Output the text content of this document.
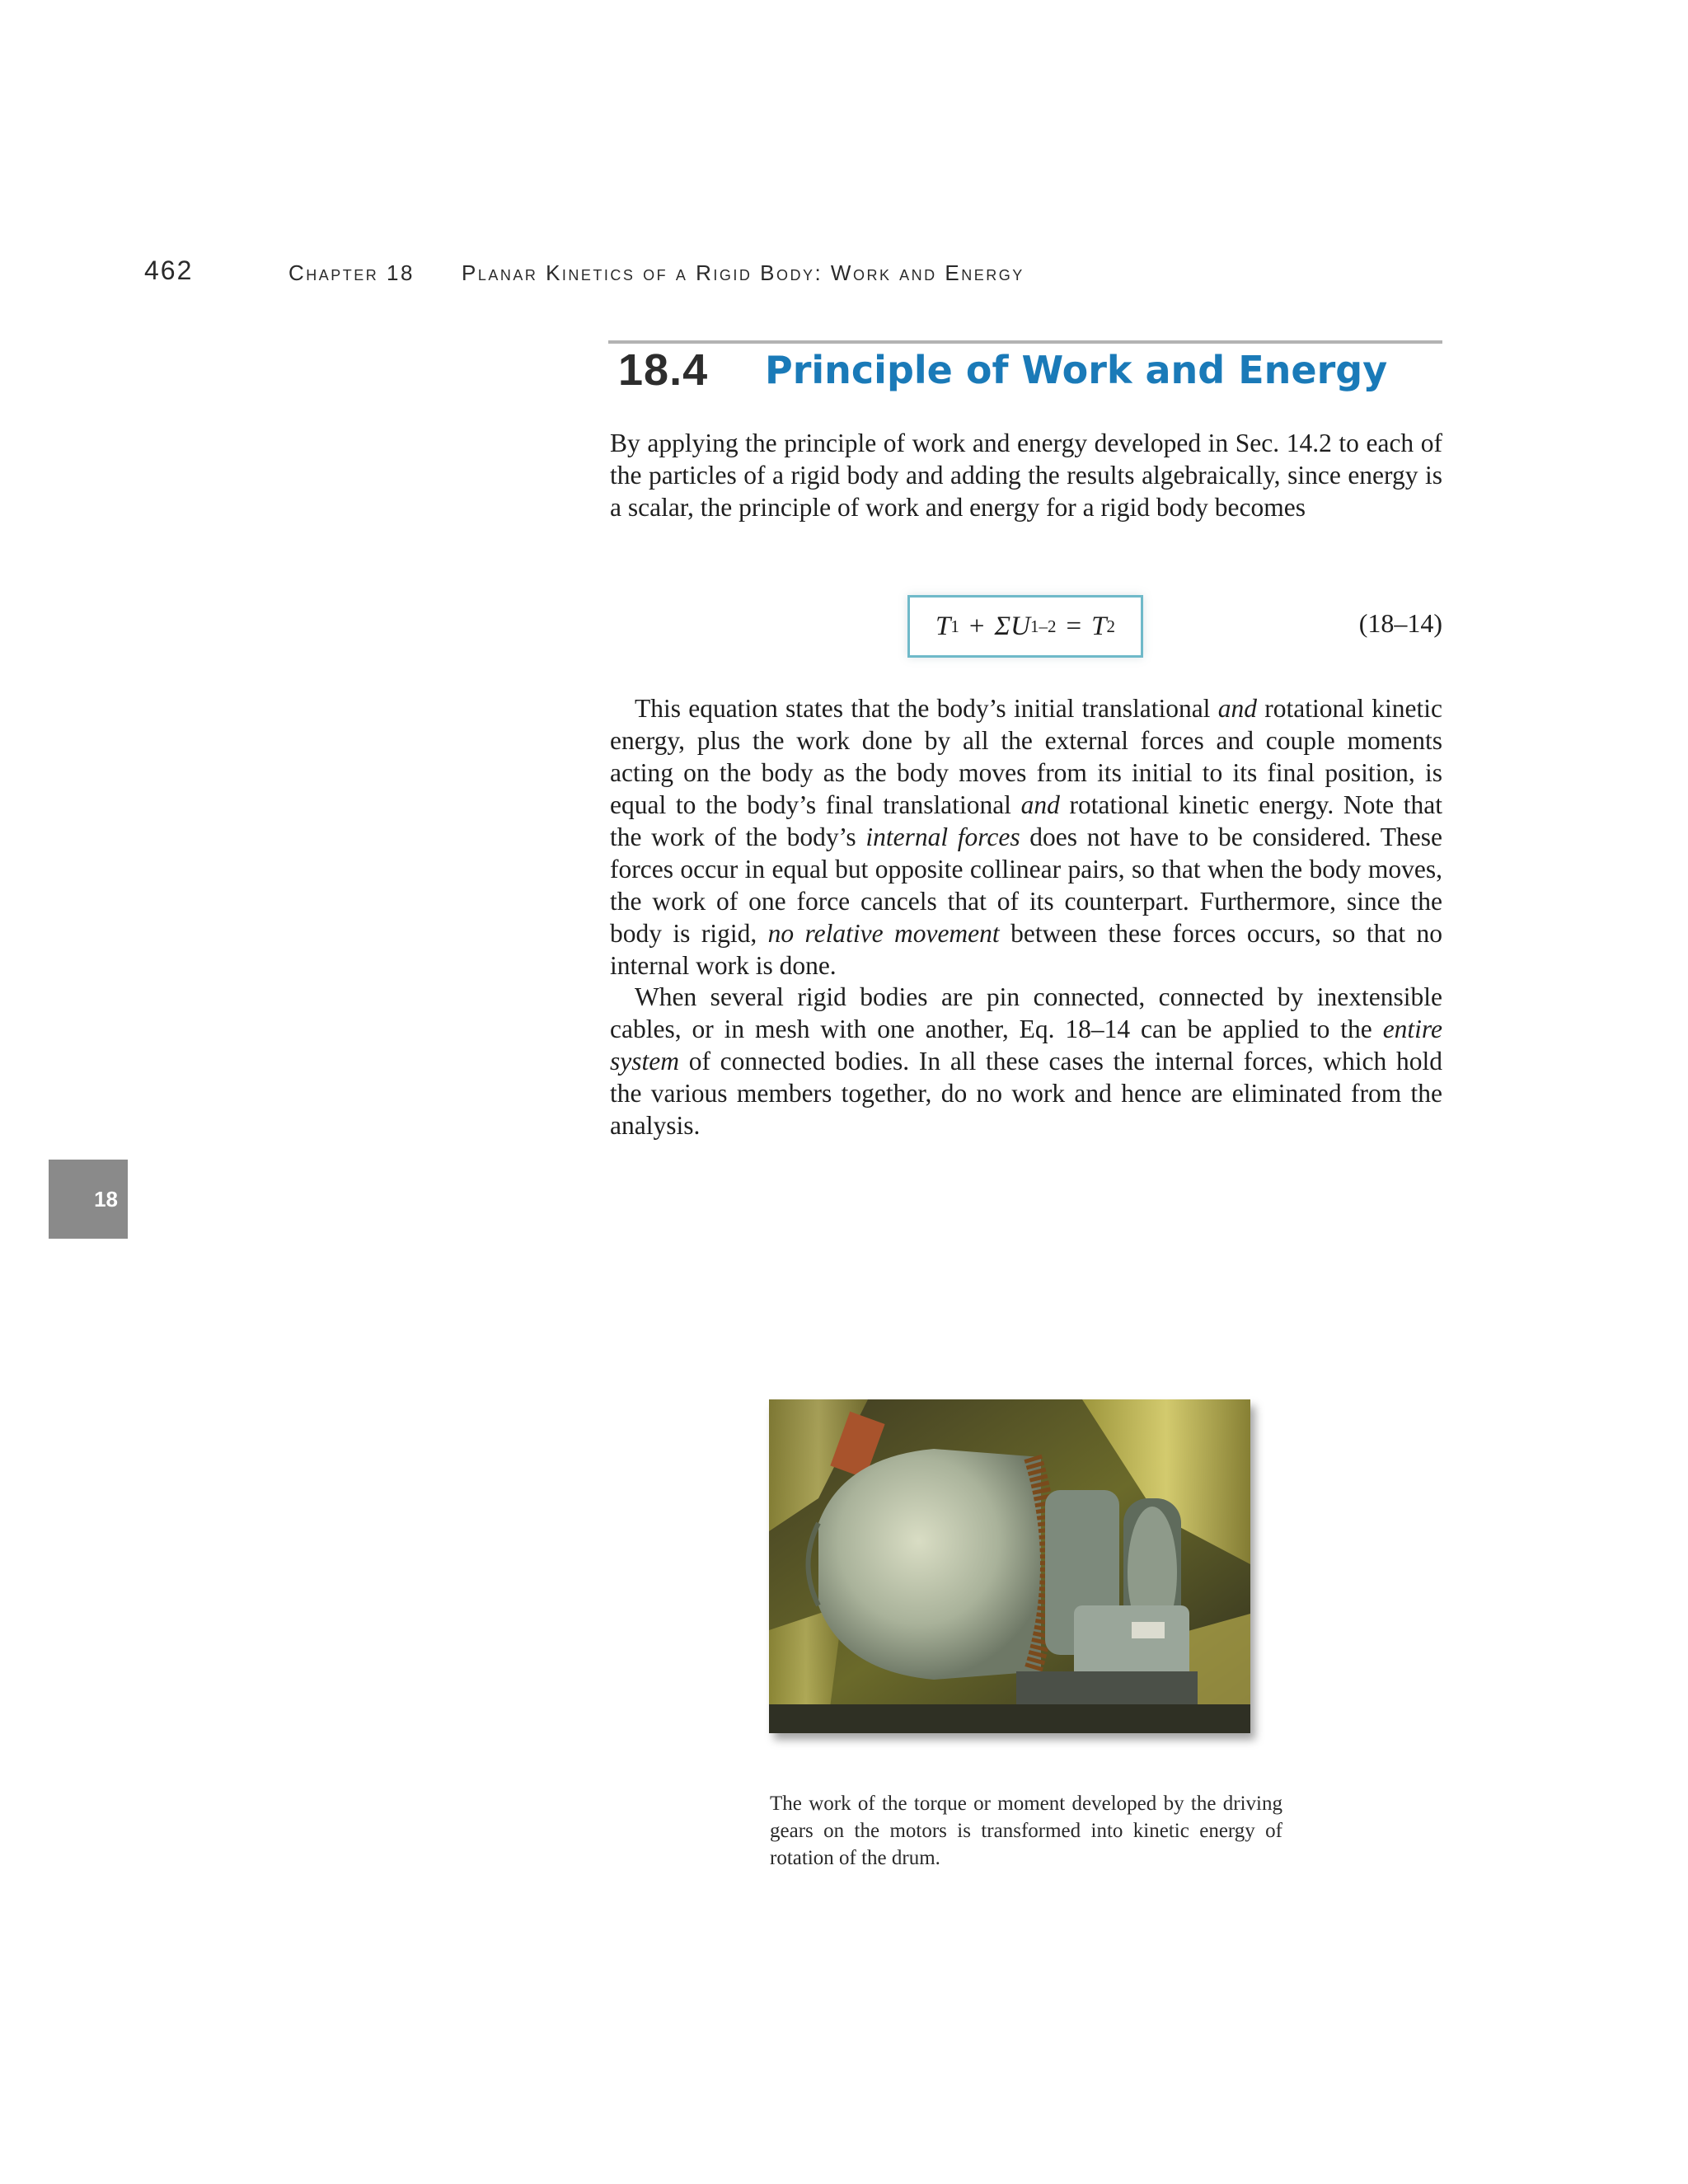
462	Chapter 18 Planar Kinetics of a Rigid Body: Work and Energy
18.4 Principle of Work and Energy

By applying the principle of work and energy developed in Sec. 14.2 to each of the particles of a rigid body and adding the results algebraically, since energy is a scalar, the principle of work and energy for a rigid body becomes

T 1 + ΣU 1–2 = T 2	(18–14)

This equation states that the body’s initial translational and rotational kinetic energy, plus the work done by all the external forces and couple moments acting on the body as the body moves from its initial to its final position, is equal to the body’s final translational and rotational kinetic energy. Note that the work of the body’s internal forces does not have to be considered. These forces occur in equal but opposite collinear pairs, so that when the body moves, the work of one force cancels that of its counterpart. Furthermore, since the body is rigid, no relative movement between these forces occurs, so that no internal work is done.

When several rigid bodies are pin connected, connected by inextensible cables, or in mesh with one another, Eq. 18–14 can be applied to the entire system of connected bodies. In all these cases the internal forces, which hold the various members together, do no work and hence are eliminated from the analysis.

18

The work of the torque or moment developed by the driving gears on the motors is transformed into kinetic energy of rotation of the drum.
